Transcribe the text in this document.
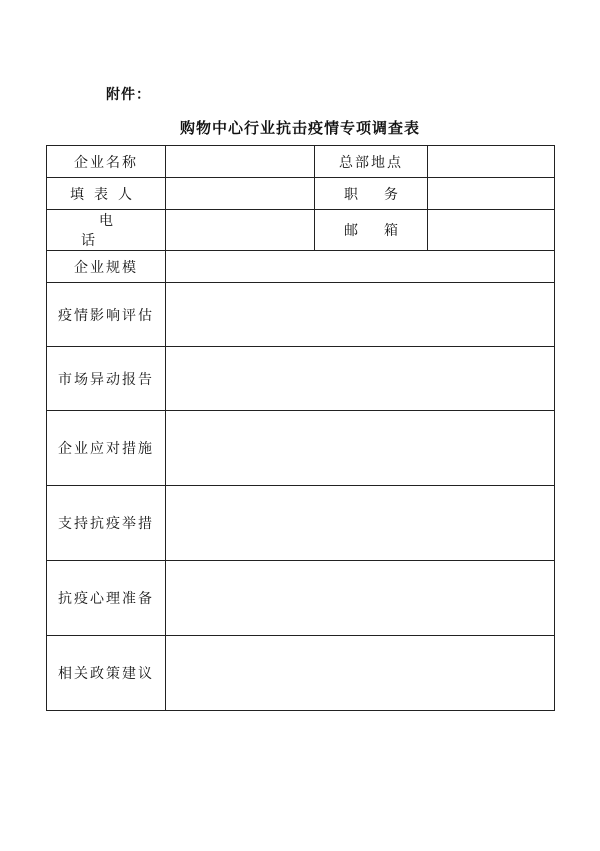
附件：
购物中心行业抗击疫情专项调查表
企业名称		总部地点	
填表人		职务	
电话		邮箱	
企业规模			
疫情影响评估			
市场异动报告			
企业应对措施			
支持抗疫举措			
抗疫心理准备			
相关政策建议			
